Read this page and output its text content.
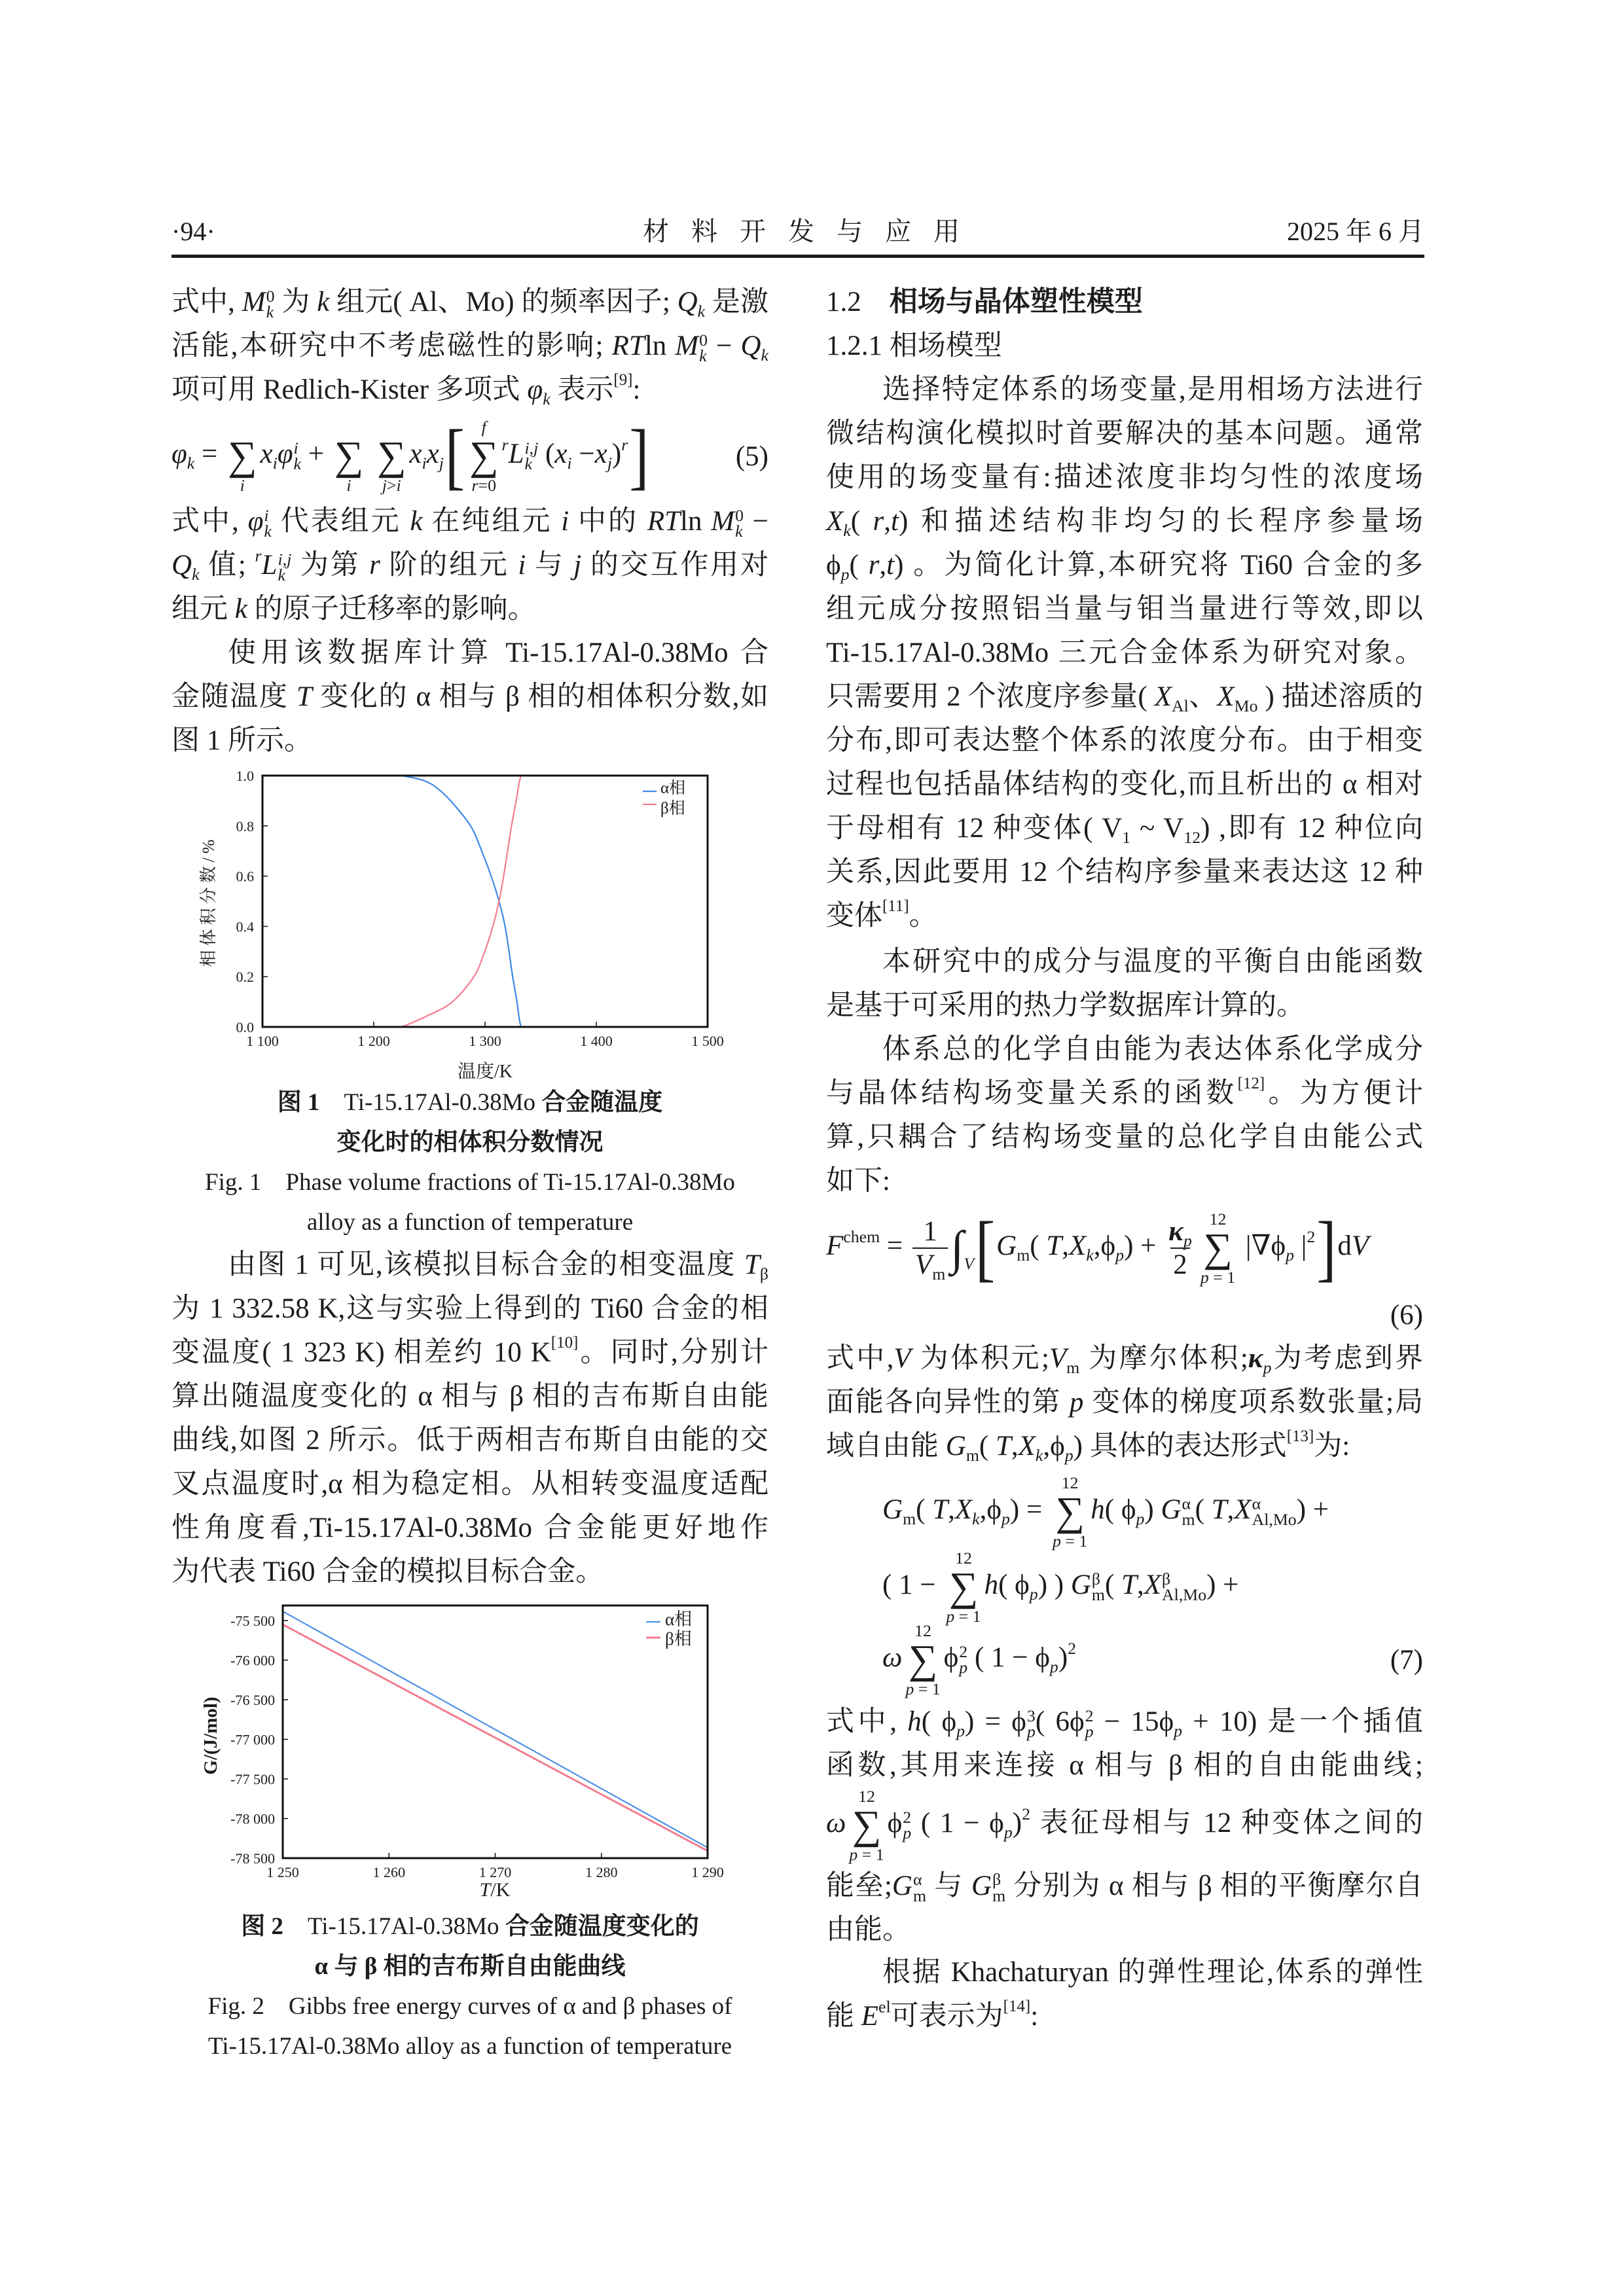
·94·	材 料 开 发 与 应 用	2025 年 6 月
式中, M 0
k 为 k 组元( Al、Mo) 的频率因子; $Q_k$ 是激
活能,本研究中不考虑磁性的影响; RTln M 0
$k - Q_k$
项可用 Redlich-Kister 多项式 $\varphi_k$ 表示[9]:
$\varphi_k$ = ∑
i
$x_i\varphi$ i
k + ∑
i

∑
j>i
$x_ix_j$[ f
∑
r=0
$^r$L i,j
k $(x_i -x_j)^r$]	(5)
式中, φ i
k 代表组元 k 在纯组元 i 中的 RTln M 0
k −
$Q_k$ 值; $^r$L i,j
k 为第 r 阶的组元 i 与 j 的交互作用对
组元 k 的原子迁移率的影响。
使用该数据库计算 Ti-15.17Al-0.38Mo 合
金随温度 T 变化的 α 相与 β 相的相体积分数,如
图 1 所示。
1 100	1 200	1 300	1 400	1 500
0.0
0.2
0.4
0.6
0.8
1.0
温度/K
相体积分数/%
α相
β相
图 1　Ti-15.17Al-0.38Mo 合金随温度
变化时的相体积分数情况
Fig. 1　Phase volume fractions of Ti-15.17Al-0.38Mo
alloy as a function of temperature
由图 1 可见,该模拟目标合金的相变温度 $T_\beta$
为 1 332.58 K,这与实验上得到的 Ti60 合金的相
变温度( 1 323 K) 相差约 10 K[10]。同时,分别计
算出随温度变化的 α 相与 β 相的吉布斯自由能
曲线,如图 2 所示。低于两相吉布斯自由能的交
叉点温度时,α 相为稳定相。从相转变温度适配
性角度看,Ti-15.17Al-0.38Mo 合金能更好地作
为代表 Ti60 合金的模拟目标合金。
1 250	1 260	1 270	1 280	1 290
-78 500
-78 000
-77 500
-77 000
-76 500
-76 000
-75 500
T/K
G/(J/mol)
α相
β相
图 2　Ti-15.17Al-0.38Mo 合金随温度变化的
α 与 β 相的吉布斯自由能曲线
Fig. 2　Gibbs free energy curves of α and β phases of
Ti-15.17Al-0.38Mo alloy as a function of temperature
1.2　相场与晶体塑性模型
1.2.1 相场模型
选择特定体系的场变量,是用相场方法进行
微结构演化模拟时首要解决的基本问题。通常
使用的场变量有:描述浓度非均匀性的浓度场
$X_k$( r,t) 和描述结构非均匀的长程序参量场
$\phi_p$( r,t) 。为简化计算,本研究将 Ti60 合金的多
组元成分按照铝当量与钼当量进行等效,即以
Ti-15.17Al-0.38Mo 三元合金体系为研究对象。
只需要用 2 个浓度序参量( $X_{Al}$、$X_{Mo}$ ) 描述溶质的
分布,即可表达整个体系的浓度分布。由于相变
过程也包括晶体结构的变化,而且析出的 α 相对
于母相有 12 种变体( $V_1$ ~ $V_{12}$) ,即有 12 种位向
关系,因此要用 12 个结构序参量来表达这 12 种
变体[11]。
本研究中的成分与温度的平衡自由能函数
是基于可采用的热力学数据库计算的。
体系总的化学自由能为表达体系化学成分
与晶体结构场变量关系的函数[12]。为方便计
算,只耦合了结构场变量的总化学自由能公式
如下:
$F^{chem} = \frac{1}{V_m}$ ∫ V [$G_m$( $T,X_k,\phi_p) + \frac{\kappa_p}{2} 12$
∑
p = 1
$|\nabla\phi_p$ $|^2]dV$
(6)
式中,V 为体积元$;V_m$ 为摩尔体积$;\kappa_p$为考虑到界
面能各向异性的第 p 变体的梯度项系数张量;局
域自由能 $G_m$( $T,X_k,\phi_p$) 具体的表达形式[13]为:
$G_m$( $T,X_k,\phi_p$) =
12
∑
p = 1
h( $\phi_p$) G α
m ( T,X α
Al,Mo ) +
( 1 −
12
∑
p = 1
h( $\phi_p$) ) G β
m ( T,X β
Al,Mo ) +
ω
12
∑
p = 1
ϕ 2
p ( $1 - \phi_p)^2$	(7)
式中, h( $\phi_p) = \phi$ 3
p ( 6ϕ 2
$p - 15\phi_p + 10$) 是一个插值
函数,其用来连接 α 相与 β 相的自由能曲线;
ω
12
∑
p = 1
ϕ 2
p ( $1 - \phi_p)^2$ 表征母相与 12 种变体之间的
能垒;G α
m 与 G β
m 分别为 α 相与 β 相的平衡摩尔自
由能。
根据 Khachaturyan 的弹性理论,体系的弹性
能 $E^{el}$可表示为[14]:
